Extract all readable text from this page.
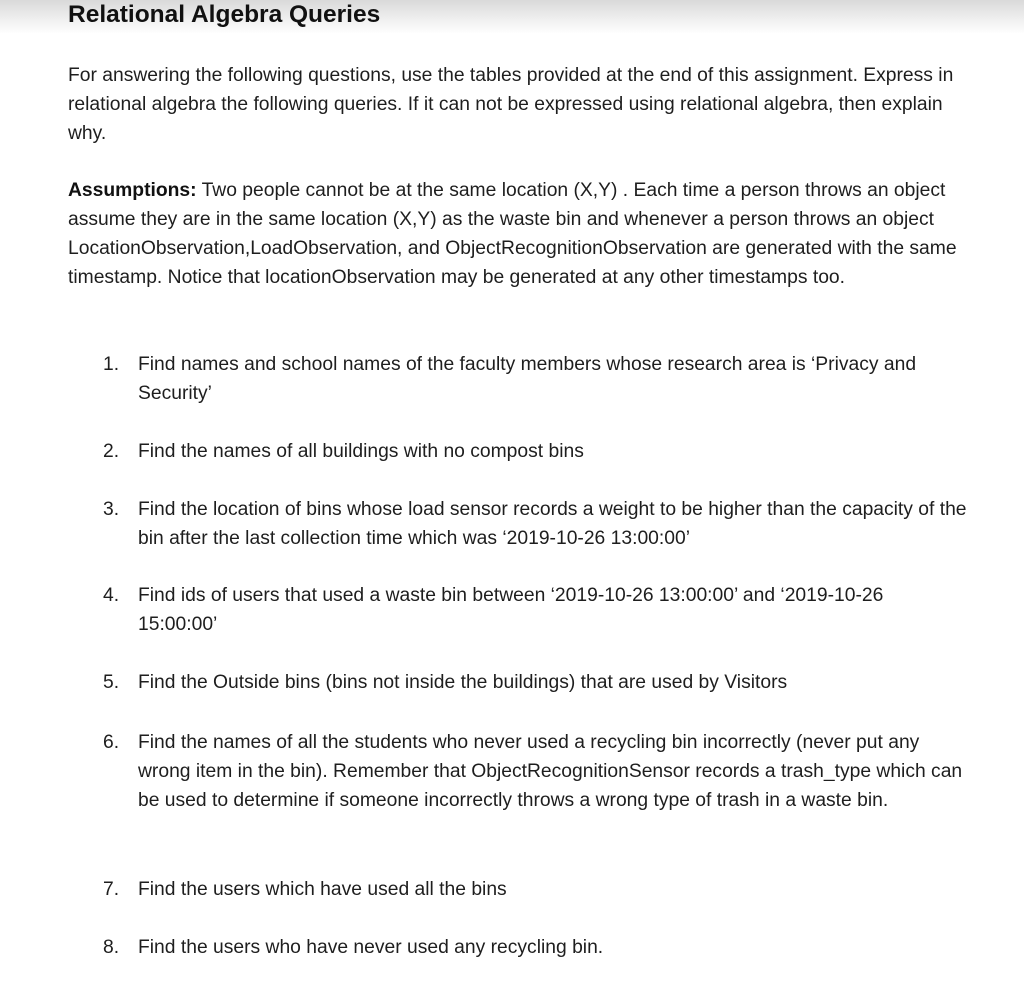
Relational Algebra Queries

For answering the following questions, use the tables provided at the end of this assignment. Express in relational algebra the following queries. If it can not be expressed using relational algebra, then explain why.

Assumptions: Two people cannot be at the same location (X,Y) . Each time a person throws an object assume they are in the same location (X,Y) as the waste bin and whenever a person throws an object LocationObservation,LoadObservation, and ObjectRecognitionObservation are generated with the same timestamp. Notice that locationObservation may be generated at any other timestamps too.

1. Find names and school names of the faculty members whose research area is ‘Privacy and Security’
2. Find the names of all buildings with no compost bins
3. Find the location of bins whose load sensor records a weight to be higher than the capacity of the bin after the last collection time which was ‘2019-10-26 13:00:00’
4. Find ids of users that used a waste bin between ‘2019-10-26 13:00:00’ and ‘2019-10-26 15:00:00’
5. Find the Outside bins (bins not inside the buildings) that are used by Visitors
6. Find the names of all the students who never used a recycling bin incorrectly (never put any wrong item in the bin). Remember that ObjectRecognitionSensor records a trash_type which can be used to determine if someone incorrectly throws a wrong type of trash in a waste bin.
7. Find the users which have used all the bins
8. Find the users who have never used any recycling bin.
